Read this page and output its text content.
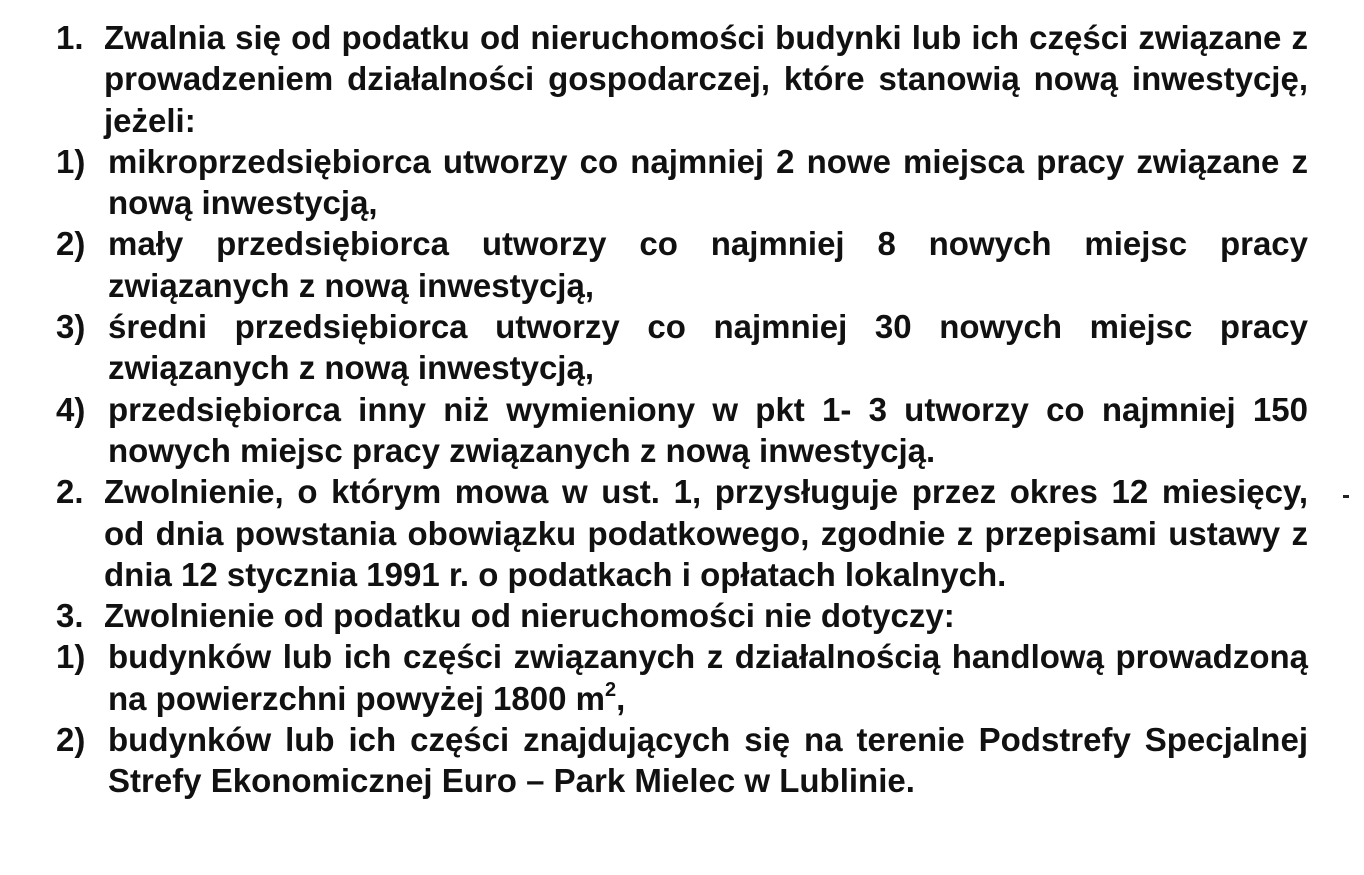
1. Zwalnia się od podatku od nieruchomości budynki lub ich części związane z prowadzeniem działalności gospodarczej, które stanowią nową inwestycję, jeżeli:
1) mikroprzedsiębiorca utworzy co najmniej 2 nowe miejsca pracy związane z nową inwestycją,
2) mały przedsiębiorca utworzy co najmniej 8 nowych miejsc pracy związanych z nową inwestycją,
3) średni przedsiębiorca utworzy co najmniej 30 nowych miejsc pracy związanych z nową inwestycją,
4) przedsiębiorca inny niż wymieniony w pkt 1- 3 utworzy co najmniej 150 nowych miejsc pracy związanych z nową inwestycją.
2. Zwolnienie, o którym mowa w ust. 1, przysługuje przez okres 12 miesięcy, od dnia powstania obowiązku podatkowego, zgodnie z przepisami ustawy z dnia 12 stycznia 1991 r. o podatkach i opłatach lokalnych.
3. Zwolnienie od podatku od nieruchomości nie dotyczy:
1) budynków lub ich części związanych z działalnością handlową prowadzoną na powierzchni powyżej 1800 $m^2$,
2) budynków lub ich części znajdujących się na terenie Podstrefy Specjalnej Strefy Ekonomicznej Euro – Park Mielec w Lublinie.
